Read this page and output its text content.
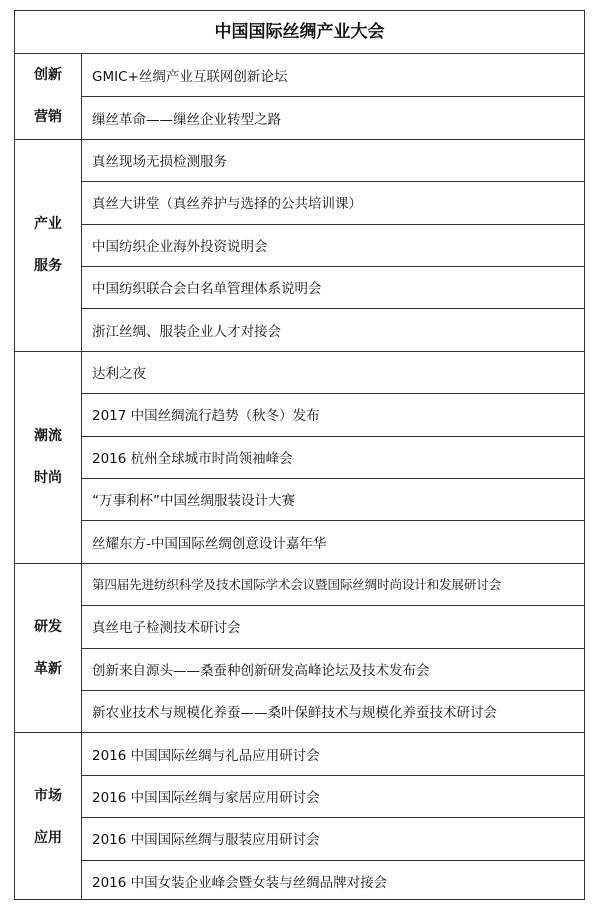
中国国际丝绸产业大会
创新
营销
GMIC+丝绸产业互联网创新论坛
缫丝革命——缫丝企业转型之路
产业
服务
真丝现场无损检测服务
真丝大讲堂（真丝养护与选择的公共培训课）
中国纺织企业海外投资说明会
中国纺织联合会白名单管理体系说明会
浙江丝绸、服装企业人才对接会
潮流
时尚
达利之夜
2017 中国丝绸流行趋势（秋冬）发布
2016 杭州全球城市时尚领袖峰会
“万事利杯”中国丝绸服装设计大赛
丝耀东方-中国国际丝绸创意设计嘉年华
研发
革新
第四届先进纺织科学及技术国际学术会议暨国际丝绸时尚设计和发展研讨会
真丝电子检测技术研讨会
创新来自源头——桑蚕种创新研发高峰论坛及技术发布会
新农业技术与规模化养蚕——桑叶保鲜技术与规模化养蚕技术研讨会
市场
应用
2016 中国国际丝绸与礼品应用研讨会
2016 中国国际丝绸与家居应用研讨会
2016 中国国际丝绸与服装应用研讨会
2016 中国女装企业峰会暨女装与丝绸品牌对接会
